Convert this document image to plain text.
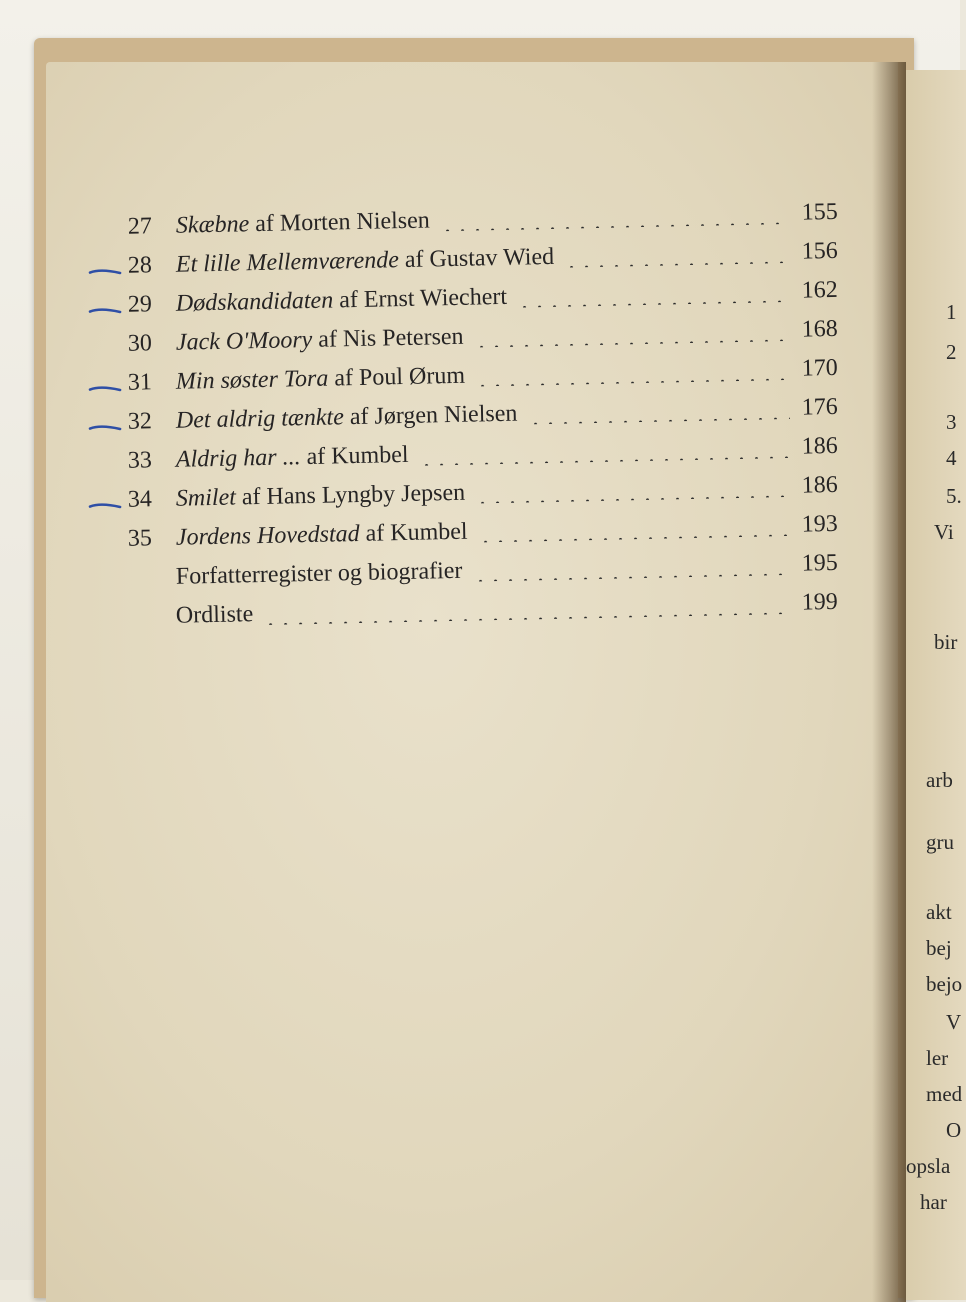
1
2
3
4
5.
Vi
bir
arb
gru
akt
bej
bejo
V
ler
med
O
opsla
har
27 Skæbne af Morten Nielsen	155
28 Et lille Mellemværende af Gustav Wied	156
29 Dødskandidaten af Ernst Wiechert	162
30 Jack O'Moory af Nis Petersen	168
31 Min søster Tora af Poul Ørum	170
32 Det aldrig tænkte af Jørgen Nielsen	176
33 Aldrig har ... af Kumbel	186
34 Smilet af Hans Lyngby Jepsen	186
35 Jordens Hovedstad af Kumbel	193
Forfatterregister og biografier	195
Ordliste	199
